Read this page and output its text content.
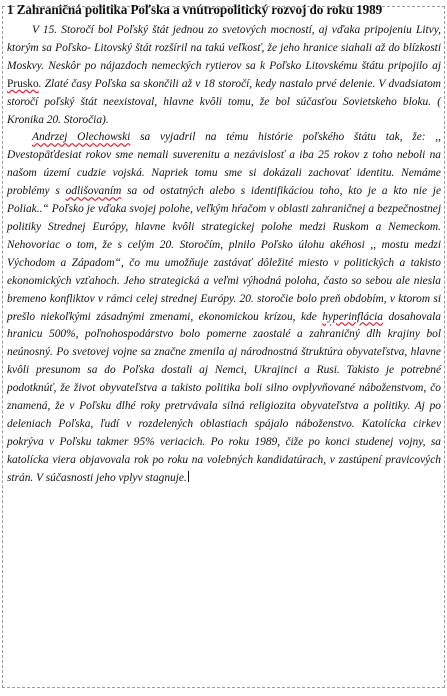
1 Zahraničná politika Poľska a vnútropolitický rozvoj do roku 1989

V 15. Storočí bol Poľský štát jednou zo svetových mocností, aj vďaka pripojeniu Litvy, ktorým sa Poľsko- Litovský štát rozšíril na takú veľkosť, že jeho hranice siahali až do blízkosti Moskvy. Neskôr po nájazdoch nemeckých rytierov sa k Poľsko Litovskému štátu pripojilo aj Prusko. Zlaté časy Poľska sa skončili až v 18 storočí, kedy nastalo prvé delenie. V dvadsiatom storočí poľský štát neexistoval, hlavne kvôli tomu, že bol súčasťou Sovietskeho bloku. ( Kronika 20. Storočia).

Andrzej Olechowski sa vyjadril na tému histórie poľského štátu tak, že: ,, Dvestopäťdesiat rokov sme nemali suverenitu a nezávislosť a iba 25 rokov z toho neboli na našom území cudzie vojská. Napriek tomu sme si dokázali zachovať identitu. Nemáme problémy s odlišovaním sa od ostatných alebo s identifikáciou toho, kto je a kto nie je Poliak..“ Poľsko je vďaka svojej polohe, veľkým hŕačom v oblasti zahraničnej a bezpečnostnej politiky Strednej Európy, hlavne kvôli strategickej polohe medzi Ruskom a Nemeckom. Nehovoriac o tom, že s celým 20. Storočím, plnilo Poľsko úlohu akéhosi ,, mostu medzi Východom a Západom“, čo mu umožňuje zastávať dôležité miesto v politických a takisto ekonomických vzťahoch. Jeho strategická a veľmi výhodná poloha, často so sebou ale niesla bremeno konfliktov v rámci celej strednej Európy. 20. storočie bolo preň obdobím, v ktorom si prešlo niekoľkými zásadnými zmenami, ekonomickou krízou, kde hyperinflácia dosahovala hranicu 500%, poľnohospodárstvo bolo pomerne zaostalé a zahraničný dlh krajiny bol neúnosný. Po svetovej vojne sa značne zmenila aj národnostná štruktúra obyvateľstva, hlavne kvôli presunom sa do Poľska dostali aj Nemci, Ukrajinci a Rusi. Takisto je potrebné podotknúť, že život obyvateľstva a takisto politika boli silno ovplyvňované náboženstvom, čo znamená, že v Poľsku dlhé roky pretrvávala silná religiozita obyvateľstva a politiky. Aj po deleniach Poľska, ľudí v rozdelených oblastiach spájalo náboženstvo. Katolícka cirkev pokrýva v Poľsku takmer 95% veriacich. Po roku 1989, čiže po konci studenej vojny, sa katolícka viera objavovala rok po roku na volebných kandidatúrach, v zastúpení pravicových strán. V súčasnosti jeho vplyv stagnuje.
